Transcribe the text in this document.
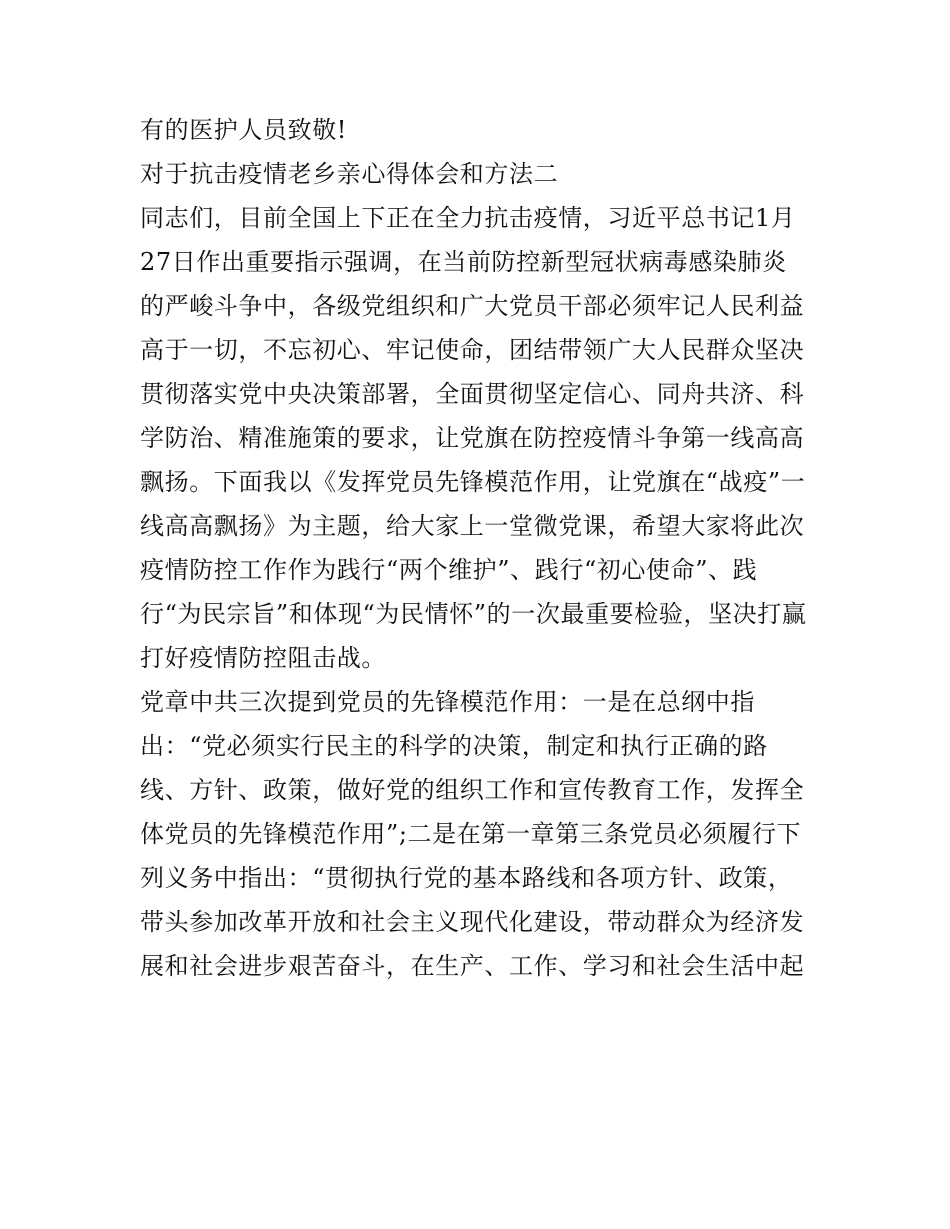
有的医护人员致敬!
对于抗击疫情老乡亲心得体会和方法二
同志们，目前全国上下正在全力抗击疫情，习近平总书记1月
27日作出重要指示强调，在当前防控新型冠状病毒感染肺炎
的严峻斗争中，各级党组织和广大党员干部必须牢记人民利益
高于一切，不忘初心、牢记使命，团结带领广大人民群众坚决
贯彻落实党中央决策部署，全面贯彻坚定信心、同舟共济、科
学防治、精准施策的要求，让党旗在防控疫情斗争第一线高高
飘扬。下面我以《发挥党员先锋模范作用，让党旗在“战疫”一
线高高飘扬》为主题，给大家上一堂微党课，希望大家将此次
疫情防控工作作为践行“两个维护”、践行“初心使命”、践
行“为民宗旨”和体现“为民情怀”的一次最重要检验，坚决打赢
打好疫情防控阻击战。
党章中共三次提到党员的先锋模范作用：一是在总纲中指
出：“党必须实行民主的科学的决策，制定和执行正确的路
线、方针、政策，做好党的组织工作和宣传教育工作，发挥全
体党员的先锋模范作用”;二是在第一章第三条党员必须履行下
列义务中指出：“贯彻执行党的基本路线和各项方针、政策，
带头参加改革开放和社会主义现代化建设，带动群众为经济发
展和社会进步艰苦奋斗，在生产、工作、学习和社会生活中起
